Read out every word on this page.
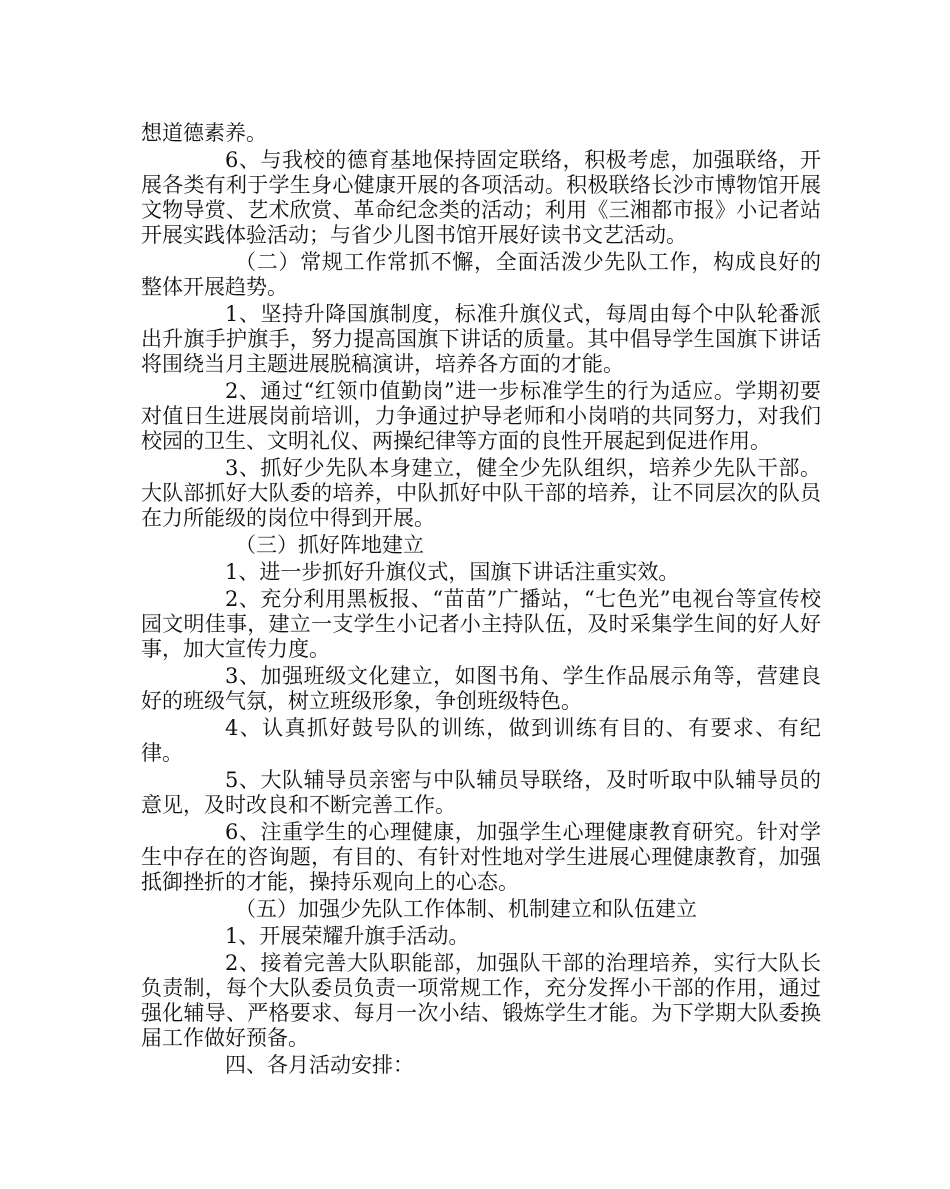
想道德素养。

6、与我校的德育基地保持固定联络，积极考虑，加强联络，开展各类有利于学生身心健康开展的各项活动。积极联络长沙市博物馆开展文物导赏、艺术欣赏、革命纪念类的活动；利用《三湘都市报》小记者站开展实践体验活动；与省少儿图书馆开展好读书文艺活动。

（二）常规工作常抓不懈，全面活泼少先队工作，构成良好的整体开展趋势。

1、坚持升降国旗制度，标准升旗仪式，每周由每个中队轮番派出升旗手护旗手，努力提高国旗下讲话的质量。其中倡导学生国旗下讲话将围绕当月主题进展脱稿演讲，培养各方面的才能。

2、通过“红领巾值勤岗”进一步标准学生的行为适应。学期初要对值日生进展岗前培训，力争通过护导老师和小岗哨的共同努力，对我们校园的卫生、文明礼仪、两操纪律等方面的良性开展起到促进作用。

3、抓好少先队本身建立，健全少先队组织，培养少先队干部。大队部抓好大队委的培养，中队抓好中队干部的培养，让不同层次的队员在力所能级的岗位中得到开展。

（三）抓好阵地建立

1、进一步抓好升旗仪式，国旗下讲话注重实效。

2、充分利用黑板报、“苗苗”广播站，“七色光”电视台等宣传校园文明佳事，建立一支学生小记者小主持队伍，及时采集学生间的好人好事，加大宣传力度。

3、加强班级文化建立，如图书角、学生作品展示角等，营建良好的班级气氛，树立班级形象，争创班级特色。

4、认真抓好鼓号队的训练，做到训练有目的、有要求、有纪律。

5、大队辅导员亲密与中队辅员导联络，及时听取中队辅导员的意见，及时改良和不断完善工作。

6、注重学生的心理健康，加强学生心理健康教育研究。针对学生中存在的咨询题，有目的、有针对性地对学生进展心理健康教育，加强抵御挫折的才能，操持乐观向上的心态。

（五）加强少先队工作体制、机制建立和队伍建立

1、开展荣耀升旗手活动。

2、接着完善大队职能部，加强队干部的治理培养，实行大队长负责制，每个大队委员负责一项常规工作，充分发挥小干部的作用，通过强化辅导、严格要求、每月一次小结、锻炼学生才能。为下学期大队委换届工作做好预备。

四、各月活动安排：
